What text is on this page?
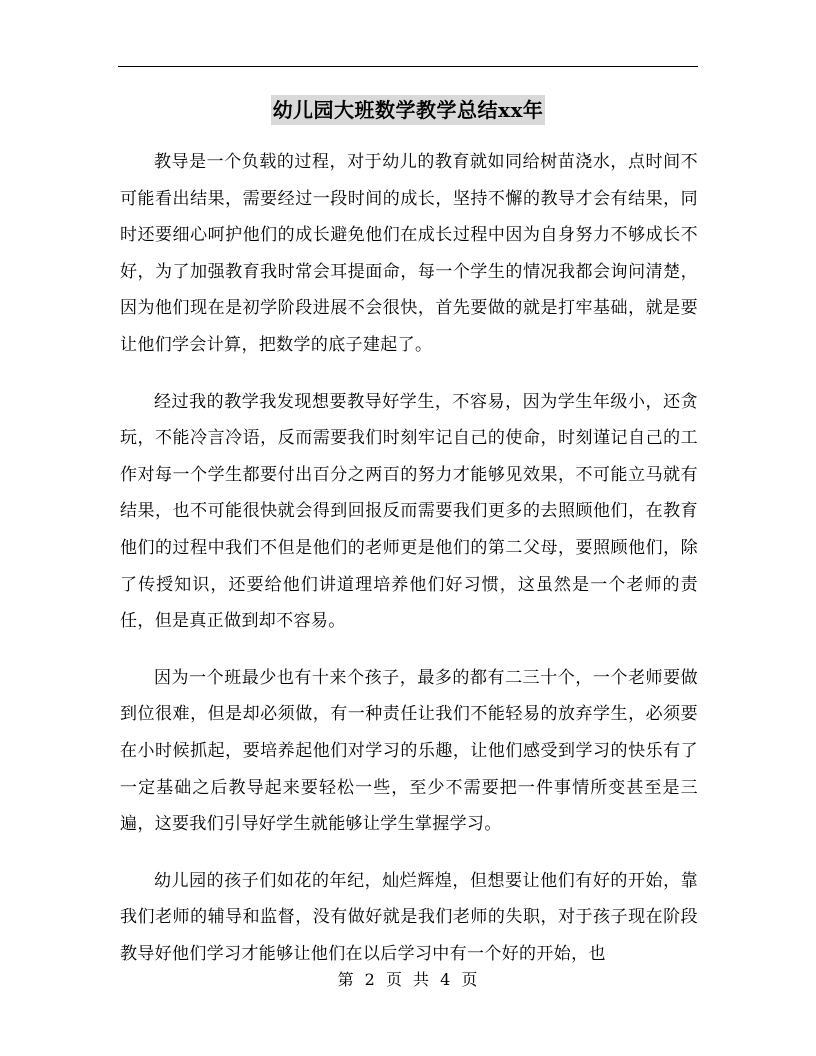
幼儿园大班数学教学总结xx年

教导是一个负载的过程，对于幼儿的教育就如同给树苗浇水，点时间不可能看出结果，需要经过一段时间的成长，坚持不懈的教导才会有结果，同时还要细心呵护他们的成长避免他们在成长过程中因为自身努力不够成长不好，为了加强教育我时常会耳提面命，每一个学生的情况我都会询问清楚，因为他们现在是初学阶段进展不会很快，首先要做的就是打牢基础，就是要让他们学会计算，把数学的底子建起了。

经过我的教学我发现想要教导好学生，不容易，因为学生年级小，还贪玩，不能冷言冷语，反而需要我们时刻牢记自己的使命，时刻谨记自己的工作对每一个学生都要付出百分之两百的努力才能够见效果，不可能立马就有结果，也不可能很快就会得到回报反而需要我们更多的去照顾他们，在教育他们的过程中我们不但是他们的老师更是他们的第二父母，要照顾他们，除了传授知识，还要给他们讲道理培养他们好习惯，这虽然是一个老师的责任，但是真正做到却不容易。

因为一个班最少也有十来个孩子，最多的都有二三十个，一个老师要做到位很难，但是却必须做，有一种责任让我们不能轻易的放弃学生，必须要在小时候抓起，要培养起他们对学习的乐趣，让他们感受到学习的快乐有了一定基础之后教导起来要轻松一些，至少不需要把一件事情所变甚至是三遍，这要我们引导好学生就能够让学生掌握学习。

幼儿园的孩子们如花的年纪，灿烂辉煌，但想要让他们有好的开始，靠我们老师的辅导和监督，没有做好就是我们老师的失职，对于孩子现在阶段教导好他们学习才能够让他们在以后学习中有一个好的开始，也

第 2 页 共 4 页
